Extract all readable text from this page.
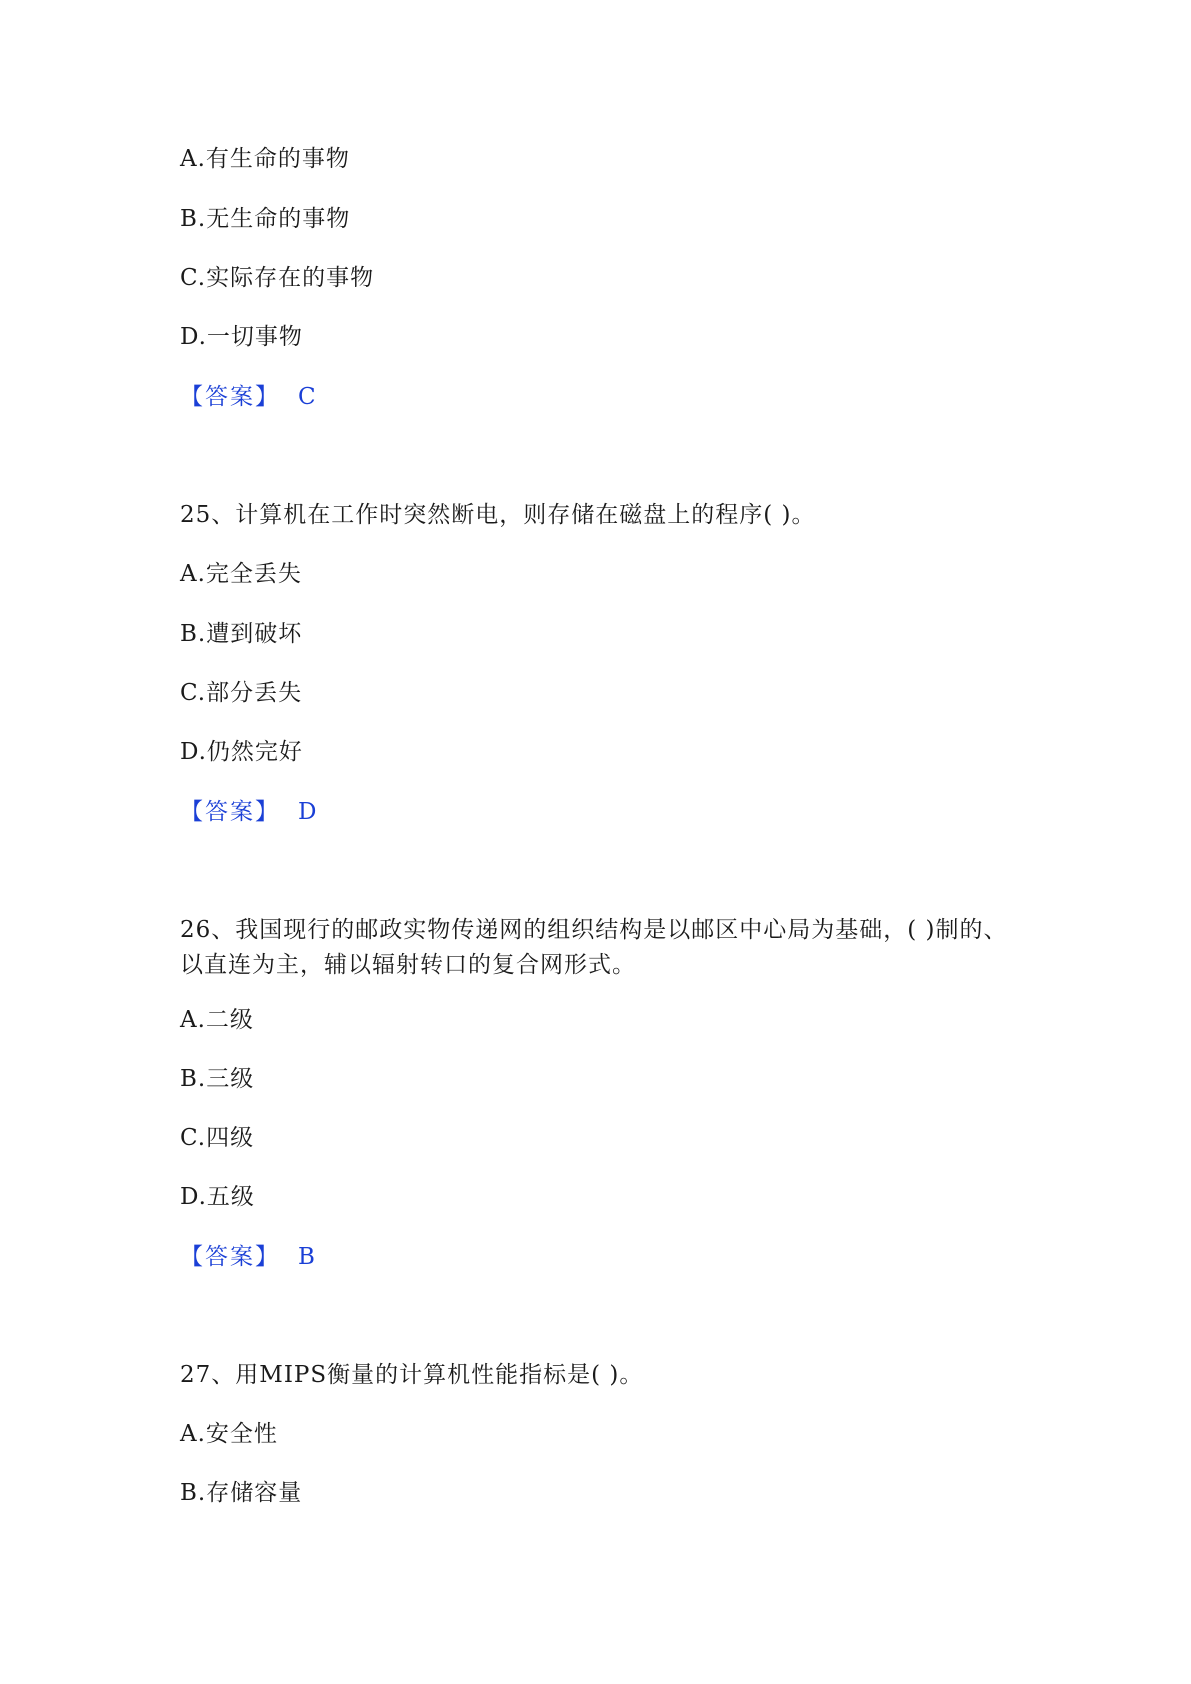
A.有生命的事物
B.无生命的事物
C.实际存在的事物
D.一切事物
【答案】 C
25、计算机在工作时突然断电，则存储在磁盘上的程序( )。
A.完全丢失
B.遭到破坏
C.部分丢失
D.仍然完好
【答案】 D
26、我国现行的邮政实物传递网的组织结构是以邮区中心局为基础，( )制的、
以直连为主，辅以辐射转口的复合网形式。
A.二级
B.三级
C.四级
D.五级
【答案】 B
27、用MIPS衡量的计算机性能指标是( )。
A.安全性
B.存储容量
